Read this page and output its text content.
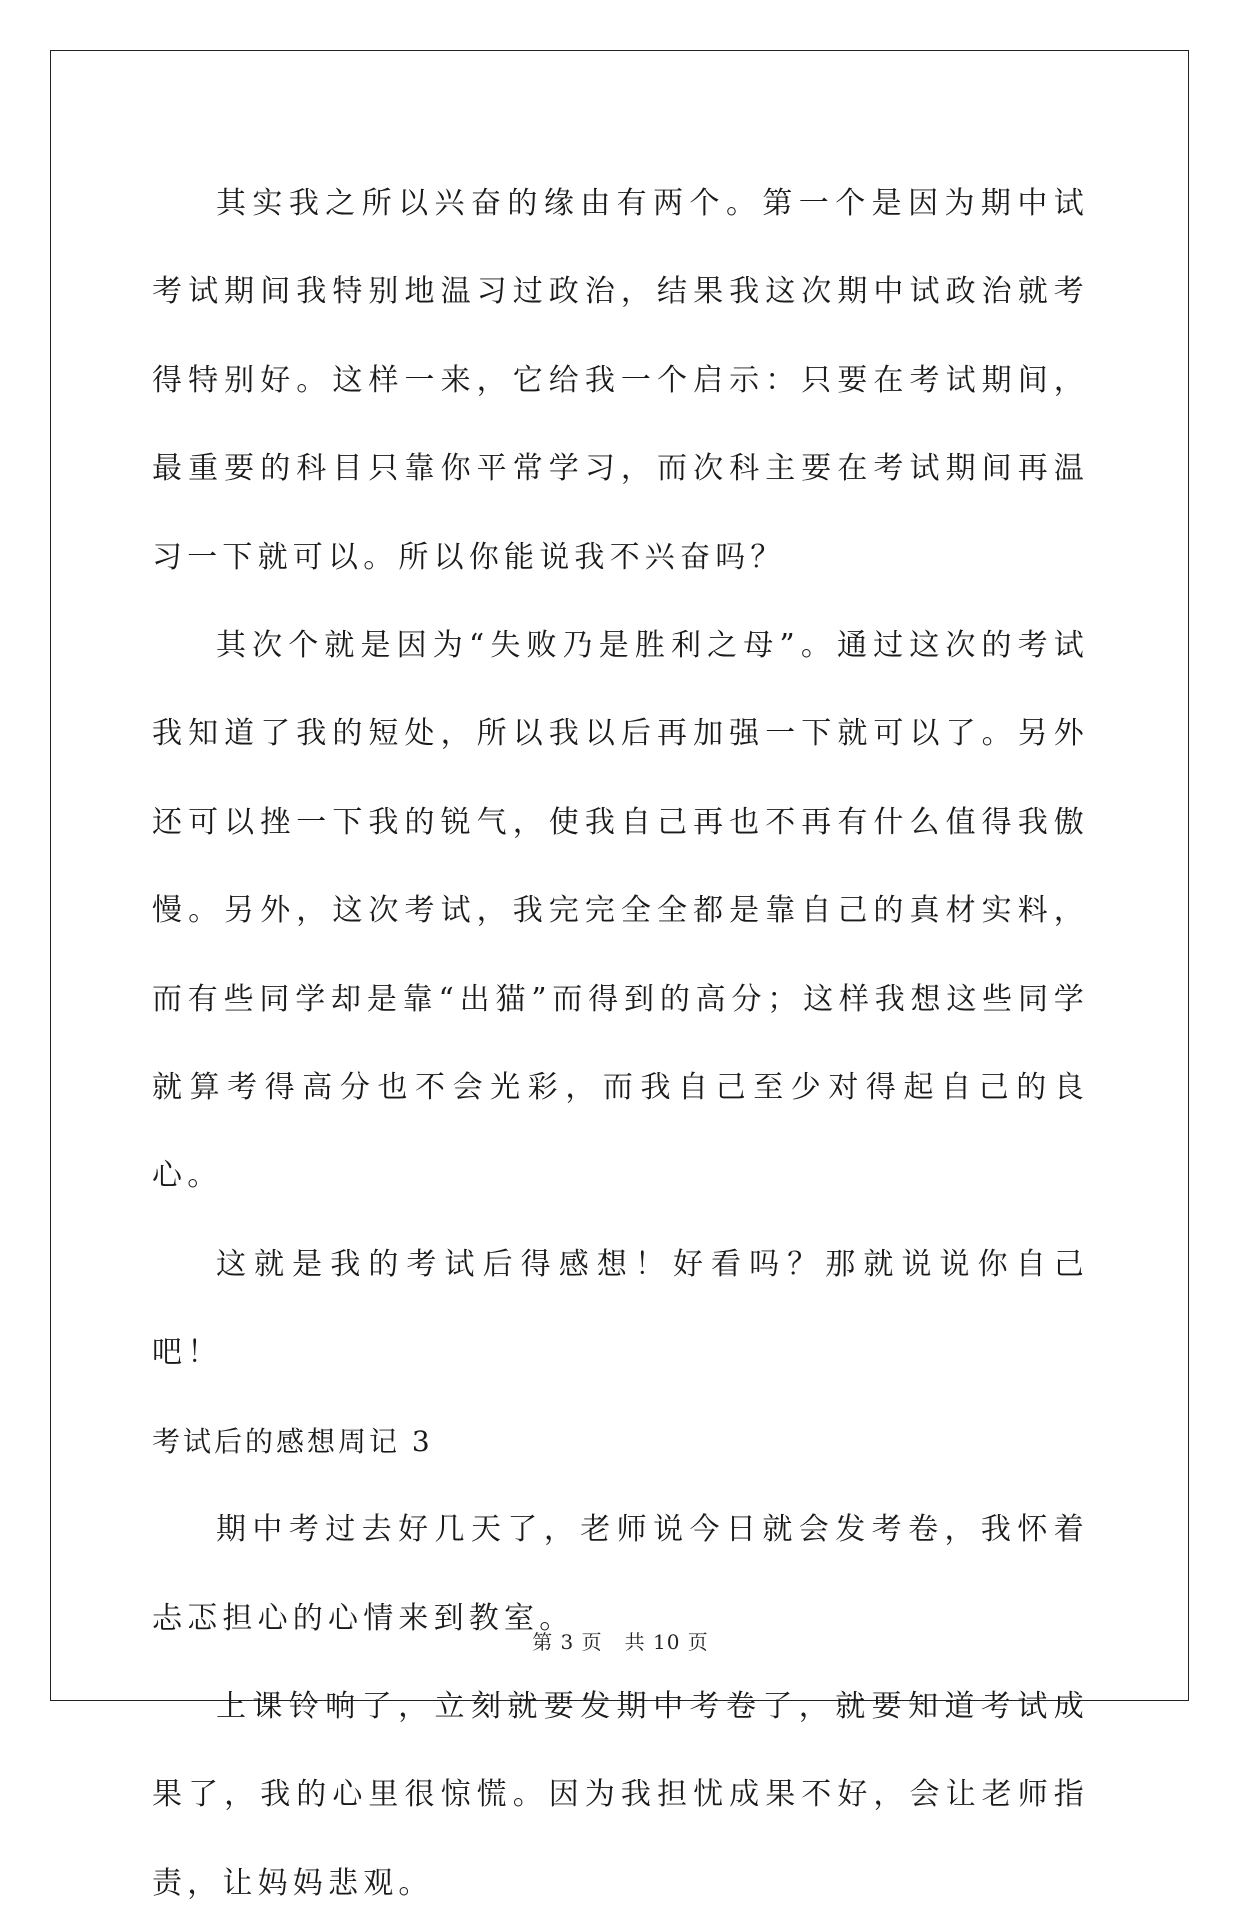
其实我之所以兴奋的缘由有两个。第一个是因为期中试考试期间我特别地温习过政治，结果我这次期中试政治就考得特别好。这样一来，它给我一个启示：只要在考试期间，最重要的科目只靠你平常学习，而次科主要在考试期间再温习一下就可以。所以你能说我不兴奋吗？

其次个就是因为“失败乃是胜利之母”。通过这次的考试我知道了我的短处，所以我以后再加强一下就可以了。另外还可以挫一下我的锐气，使我自己再也不再有什么值得我傲慢。另外，这次考试，我完完全全都是靠自己的真材实料，而有些同学却是靠“出猫”而得到的高分；这样我想这些同学就算考得高分也不会光彩，而我自己至少对得起自己的良心。

这就是我的考试后得感想！好看吗？那就说说你自己吧！

考试后的感想周记 3

期中考过去好几天了，老师说今日就会发考卷，我怀着忐忑担心的心情来到教室。

上课铃响了，立刻就要发期中考卷了，就要知道考试成果了，我的心里很惊慌。因为我担忧成果不好，会让老师指责，让妈妈悲观。

第 3 页 共 10 页
